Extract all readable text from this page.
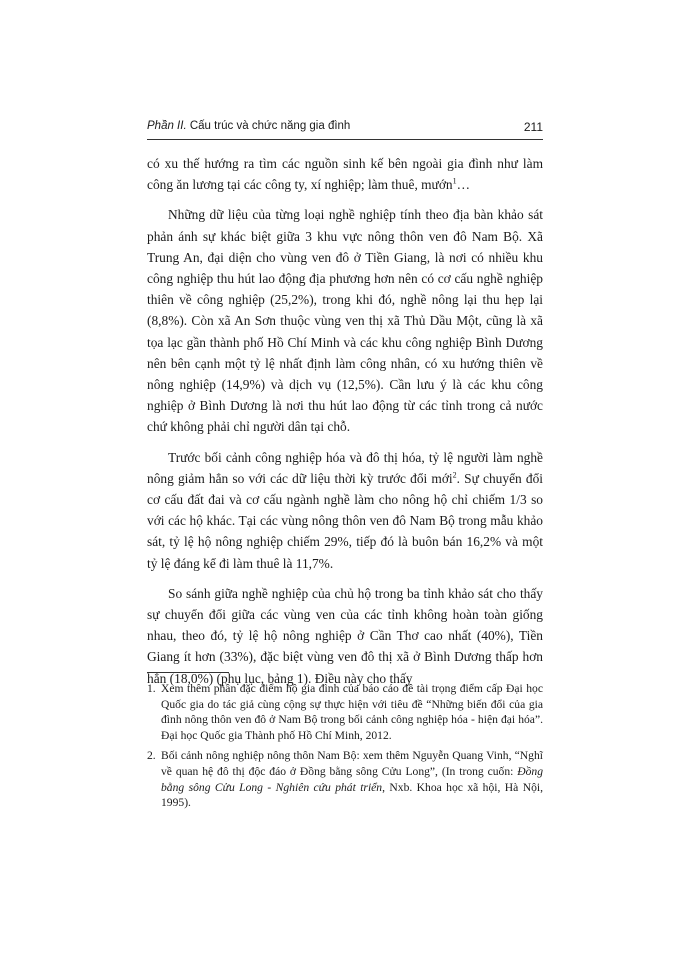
Phần II. Cấu trúc và chức năng gia đình	211

có xu thế hướng ra tìm các nguồn sinh kế bên ngoài gia đình như làm công ăn lương tại các công ty, xí nghiệp; làm thuê, mướn$^1$…

Những dữ liệu của từng loại nghề nghiệp tính theo địa bàn khảo sát phản ánh sự khác biệt giữa 3 khu vực nông thôn ven đô Nam Bộ. Xã Trung An, đại diện cho vùng ven đô ở Tiền Giang, là nơi có nhiều khu công nghiệp thu hút lao động địa phương hơn nên có cơ cấu nghề nghiệp thiên về công nghiệp (25,2%), trong khi đó, nghề nông lại thu hẹp lại (8,8%). Còn xã An Sơn thuộc vùng ven thị xã Thủ Dầu Một, cũng là xã tọa lạc gần thành phố Hồ Chí Minh và các khu công nghiệp Bình Dương nên bên cạnh một tỷ lệ nhất định làm công nhân, có xu hướng thiên về nông nghiệp (14,9%) và dịch vụ (12,5%). Cần lưu ý là các khu công nghiệp ở Bình Dương là nơi thu hút lao động từ các tỉnh trong cả nước chứ không phải chỉ người dân tại chỗ.

Trước bối cảnh công nghiệp hóa và đô thị hóa, tỷ lệ người làm nghề nông giảm hẳn so với các dữ liệu thời kỳ trước đổi mới$^2$. Sự chuyển đổi cơ cấu đất đai và cơ cấu ngành nghề làm cho nông hộ chỉ chiếm 1/3 so với các hộ khác. Tại các vùng nông thôn ven đô Nam Bộ trong mẫu khảo sát, tỷ lệ hộ nông nghiệp chiếm 29%, tiếp đó là buôn bán 16,2% và một tỷ lệ đáng kể đi làm thuê là 11,7%.

So sánh giữa nghề nghiệp của chủ hộ trong ba tỉnh khảo sát cho thấy sự chuyển đổi giữa các vùng ven của các tỉnh không hoàn toàn giống nhau, theo đó, tỷ lệ hộ nông nghiệp ở Cần Thơ cao nhất (40%), Tiền Giang ít hơn (33%), đặc biệt vùng ven đô thị xã ở Bình Dương thấp hơn hẳn (18,0%) (phụ lục, bảng 1). Điều này cho thấy

1. Xem thêm phần đặc điểm hộ gia đình của báo cáo đề tài trọng điểm cấp Đại học Quốc gia do tác giả cùng cộng sự thực hiện với tiêu đề “Những biến đổi của gia đình nông thôn ven đô ở Nam Bộ trong bối cảnh công nghiệp hóa - hiện đại hóa”. Đại học Quốc gia Thành phố Hồ Chí Minh, 2012.
2. Bối cảnh nông nghiệp nông thôn Nam Bộ: xem thêm Nguyễn Quang Vinh, “Nghĩ về quan hệ đô thị độc đáo ở Đồng bằng sông Cửu Long”, (In trong cuốn: Đồng bằng sông Cửu Long - Nghiên cứu phát triển, Nxb. Khoa học xã hội, Hà Nội, 1995).
